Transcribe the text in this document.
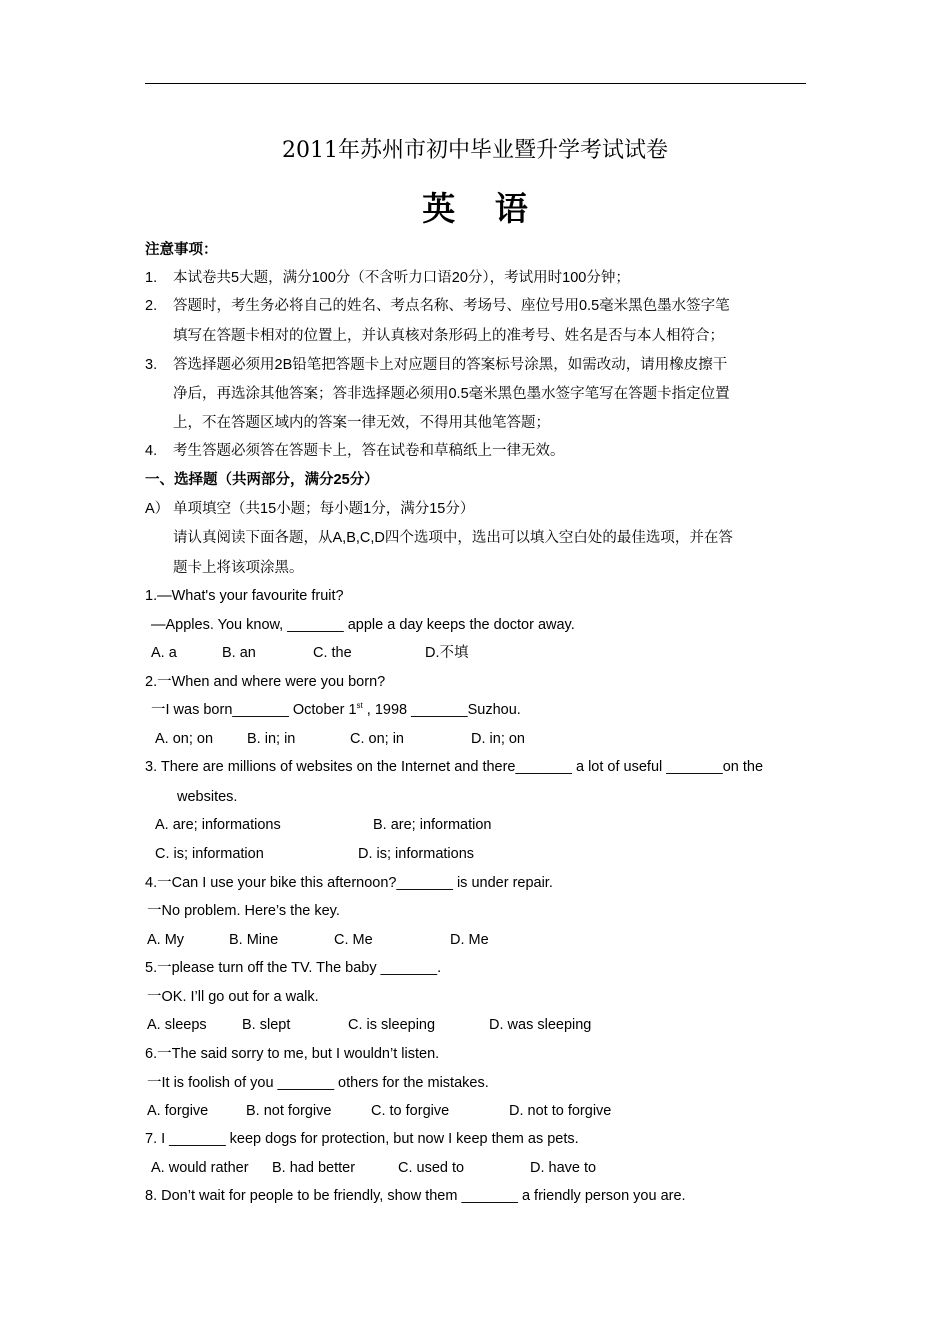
2011年苏州市初中毕业暨升学考试试卷
英 语
注意事项：
1. 本试卷共5大题，满分100分（不含听力口语20分），考试用时100分钟；
2. 答题时，考生务必将自己的姓名、考点名称、考场号、座位号用0.5毫米黑色墨水签字笔
填写在答题卡相对的位置上，并认真核对条形码上的准考号、姓名是否与本人相符合；
3. 答选择题必须用2B铅笔把答题卡上对应题目的答案标号涂黑，如需改动，请用橡皮擦干
净后，再选涂其他答案；答非选择题必须用0.5毫米黑色墨水签字笔写在答题卡指定位置
上，不在答题区域内的答案一律无效，不得用其他笔答题；
4. 考生答题必须答在答题卡上，答在试卷和草稿纸上一律无效。
一、选择题（共两部分，满分25分）
A） 单项填空（共15小题；每小题1分，满分15分）
请认真阅读下面各题，从A,B,C,D四个选项中，选出可以填入空白处的最佳选项，并在答
题卡上将该项涂黑。
1.—What's your favourite fruit?
—Apples. You know, _______ apple a day keeps the doctor away.
A. a	B. an	C. the	D.不填
2.一When and where were you born?
一I was born_______ October 1st , 1998 _______Suzhou.
A. on; on B. in; in	C. on; in	D. in; on
3. There are millions of websites on the Internet and there_______ a lot of useful _______on the
websites.
A. are; informations	B. are; information
C. is; information	D. is; informations
4.一Can I use your bike this afternoon?_______ is under repair.
一No problem. Here’s the key.
A. My	B. Mine	C. Me	D. Me
5.一please turn off the TV. The baby _______.
一OK. I’ll go out for a walk.
A. sleeps B. slept	C. is sleeping	D. was sleeping
6.一The said sorry to me, but I wouldn’t listen.
一It is foolish of you _______ others for the mistakes.
A. forgive	B. not forgive	C. to forgive	D. not to forgive
7. I _______ keep dogs for protection, but now I keep them as pets.
A. would rather B. had better	C. used to	D. have to
8. Don’t wait for people to be friendly, show them _______ a friendly person you are.
